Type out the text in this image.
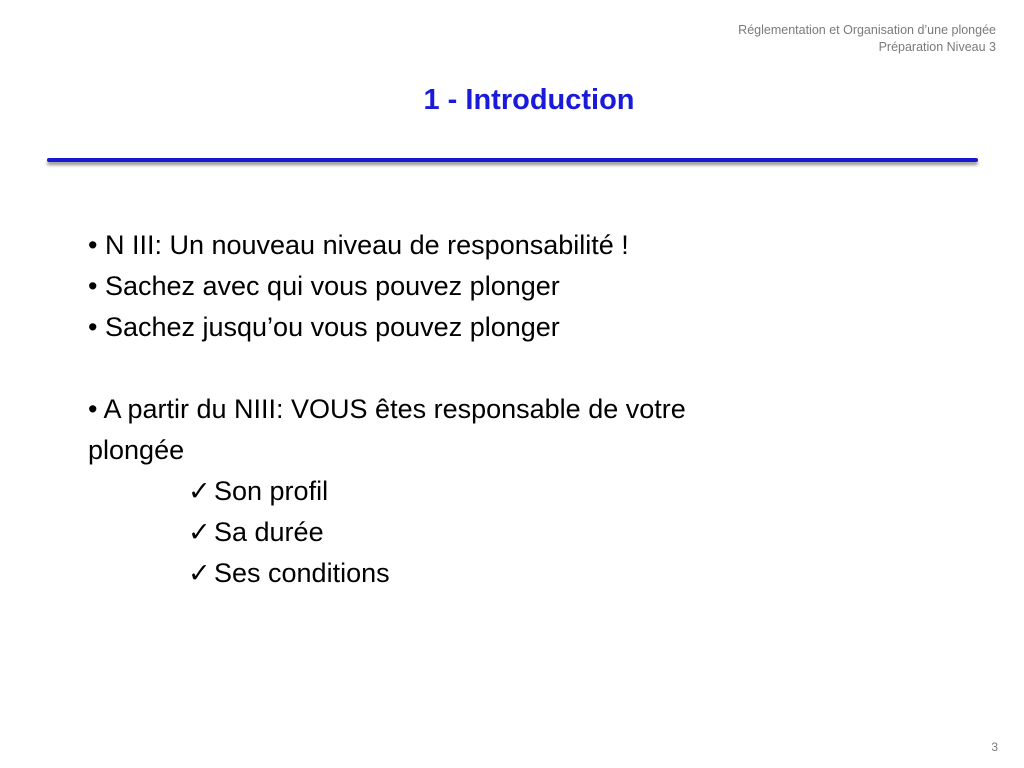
Réglementation et Organisation d’une plongée
Préparation Niveau 3
1 - Introduction
• N III: Un nouveau niveau de responsabilité !
• Sachez avec qui vous pouvez plonger
• Sachez jusqu’ou vous pouvez plonger
• A partir du NIII: VOUS êtes responsable de votre
plongée
✓ Son profil
✓ Sa durée
✓ Ses conditions
3
